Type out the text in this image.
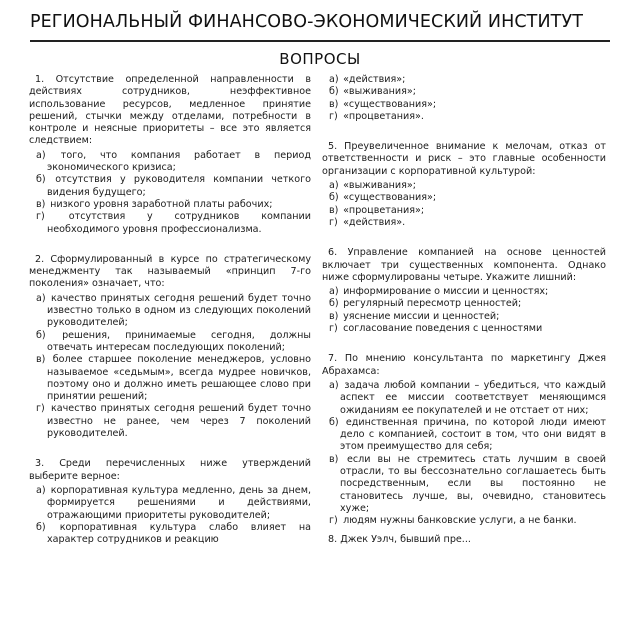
РЕГИОНАЛЬНЫЙ ФИНАНСОВО-ЭКОНОМИЧЕСКИЙ ИНСТИТУТ
ВОПРОСЫ
1. Отсутствие определенной направленности в действиях сотрудников, неэффективное использование ресурсов, медленное принятие решений, стычки между отделами, потребности в контроле и неясные приоритеты – все это является следствием:
а) того, что компания работает в период экономического кризиса;
б) отсутствия у руководителя компании четкого видения будущего;
в) низкого уровня заработной платы рабочих;
г) отсутствия у сотрудников компании необходимого уровня профессионализма.
2. Сформулированный в курсе по стратегическому менеджменту так называемый «принцип 7-го поколения» означает, что:
а) качество принятых сегодня решений будет точно известно только в одном из следующих поколений руководителей;
б) решения, принимаемые сегодня, должны отвечать интересам последующих поколений;
в) более старшее поколение менеджеров, условно называемое «седьмым», всегда мудрее новичков, поэтому оно и должно иметь решающее слово при принятии решений;
г) качество принятых сегодня решений будет точно известно не ранее, чем через 7 поколений руководителей.
3. Среди перечисленных ниже утверждений выберите верное:
а) корпоративная культура медленно, день за днем, формируется решениями и действиями, отражающими приоритеты руководителей;
б) корпоративная культура слабо влияет на характер сотрудников и реакцию
а) «действия»;
б) «выживания»;
в) «существования»;
г) «процветания».
5. Преувеличенное внимание к мелочам, отказ от ответственности и риск – это главные особенности организации с корпоративной культурой:
а) «выживания»;
б) «существования»;
в) «процветания»;
г) «действия».
6. Управление компанией на основе ценностей включает три существенных компонента. Однако ниже сформулированы четыре. Укажите лишний:
а) информирование о миссии и ценностях;
б) регулярный пересмотр ценностей;
в) уяснение миссии и ценностей;
г) согласование поведения с ценностями
7. По мнению консультанта по маркетингу Джея Абрахамса:
а) задача любой компании – убедиться, что каждый аспект ее миссии соответствует меняющимся ожиданиям ее покупателей и не отстает от них;
б) единственная причина, по которой люди имеют дело с компанией, состоит в том, что они видят в этом преимущество для себя;
в) если вы не стремитесь стать лучшим в своей отрасли, то вы бессознательно соглашаетесь быть посредственным, если вы постоянно не становитесь лучше, вы, очевидно, становитесь хуже;
г) людям нужны банковские услуги, а не банки.
8. Джек Уэлч, бывший пре...
